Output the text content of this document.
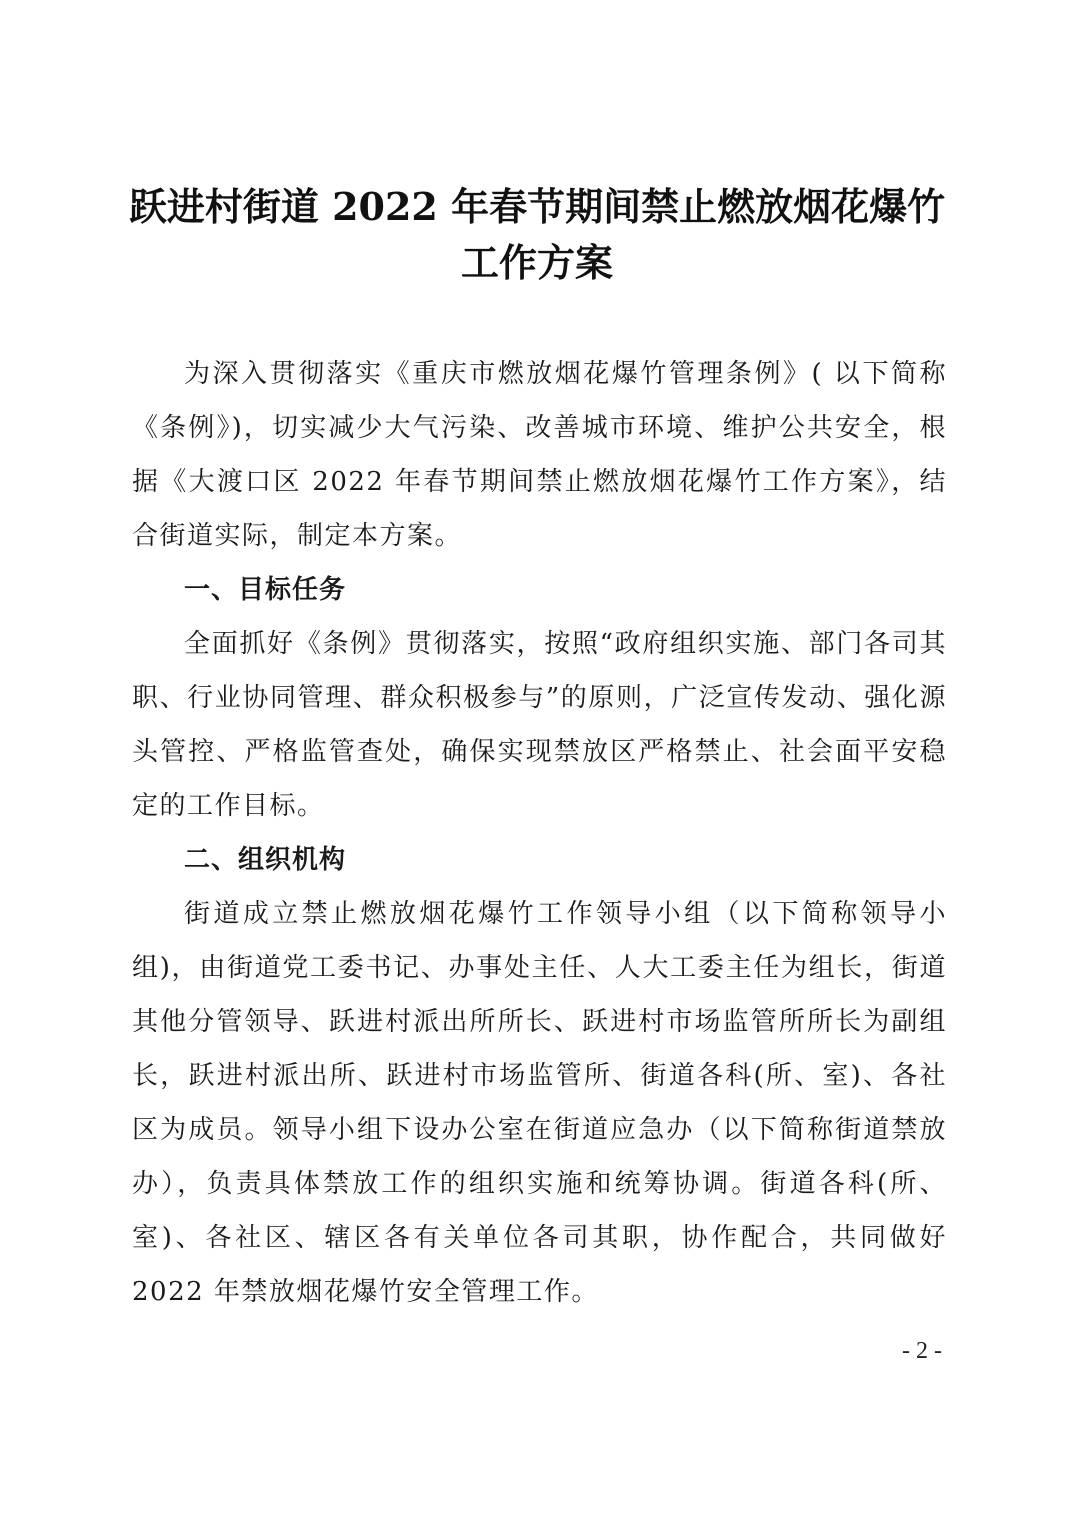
跃进村街道 2022 年春节期间禁止燃放烟花爆竹
工作方案

为深入贯彻落实《重庆市燃放烟花爆竹管理条例》( 以下简称《条例》)，切实减少大气污染、改善城市环境、维护公共安全，根据《大渡口区 2022 年春节期间禁止燃放烟花爆竹工作方案》，结合街道实际，制定本方案。

一、目标任务

全面抓好《条例》贯彻落实，按照“政府组织实施、部门各司其职、行业协同管理、群众积极参与”的原则，广泛宣传发动、强化源头管控、严格监管查处，确保实现禁放区严格禁止、社会面平安稳定的工作目标。

二、组织机构

街道成立禁止燃放烟花爆竹工作领导小组（以下简称领导小组)，由街道党工委书记、办事处主任、人大工委主任为组长，街道其他分管领导、跃进村派出所所长、跃进村市场监管所所长为副组长，跃进村派出所、跃进村市场监管所、街道各科(所、室)、各社区为成员。领导小组下设办公室在街道应急办（以下简称街道禁放办），负责具体禁放工作的组织实施和统筹协调。街道各科(所、室)、各社区、辖区各有关单位各司其职，协作配合，共同做好 2022 年禁放烟花爆竹安全管理工作。

- 2 -
